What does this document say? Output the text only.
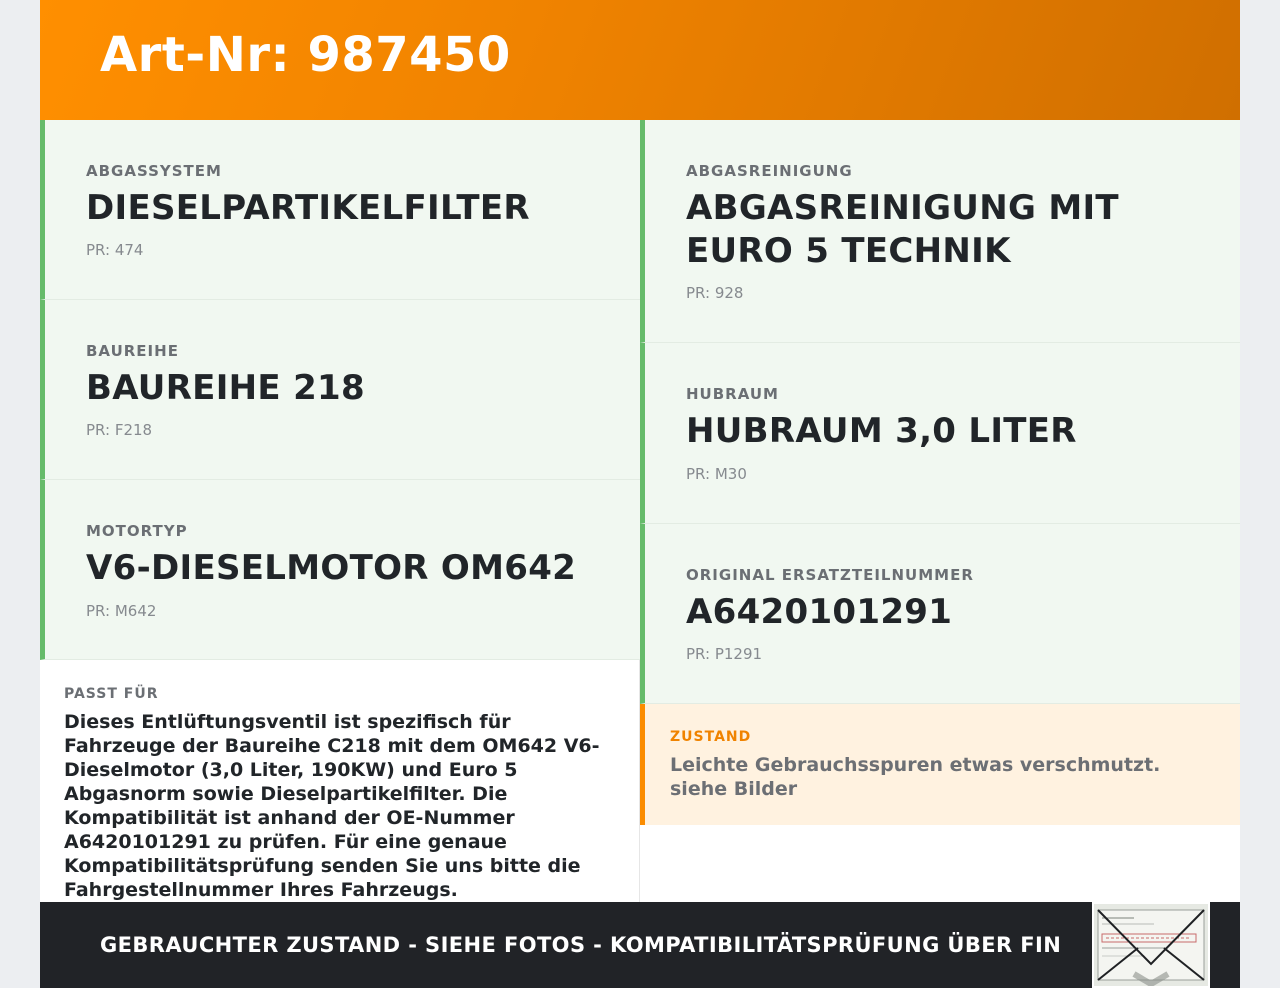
Art-Nr: 987450
ABGASSYSTEM

DIESELPARTIKELFILTER

PR: 474
BAUREIHE

BAUREIHE 218

PR: F218
MOTORTYP

V6-DIESELMOTOR OM642

PR: M642
ABGASREINIGUNG

ABGASREINIGUNG MIT EURO 5 TECHNIK

PR: 928
HUBRAUM

HUBRAUM 3,0 LITER

PR: M30
ORIGINAL ERSATZTEILNUMMER

A6420101291

PR: P1291
PASST FÜR

Dieses Entlüftungsventil ist spezifisch für Fahrzeuge der Baureihe C218 mit dem OM642 V6-Dieselmotor (3,0 Liter, 190KW) und Euro 5 Abgasnorm sowie Dieselpartikelfilter. Die Kompatibilität ist anhand der OE-Nummer A6420101291 zu prüfen. Für eine genaue Kompatibilitätsprüfung senden Sie uns bitte die Fahrgestellnummer Ihres Fahrzeugs.

ZUSTAND

Leichte Gebrauchsspuren etwas verschmutzt. siehe Bilder

GEBRAUCHTER ZUSTAND - SIEHE FOTOS - KOMPATIBILITÄTSPRÜFUNG ÜBER FIN
